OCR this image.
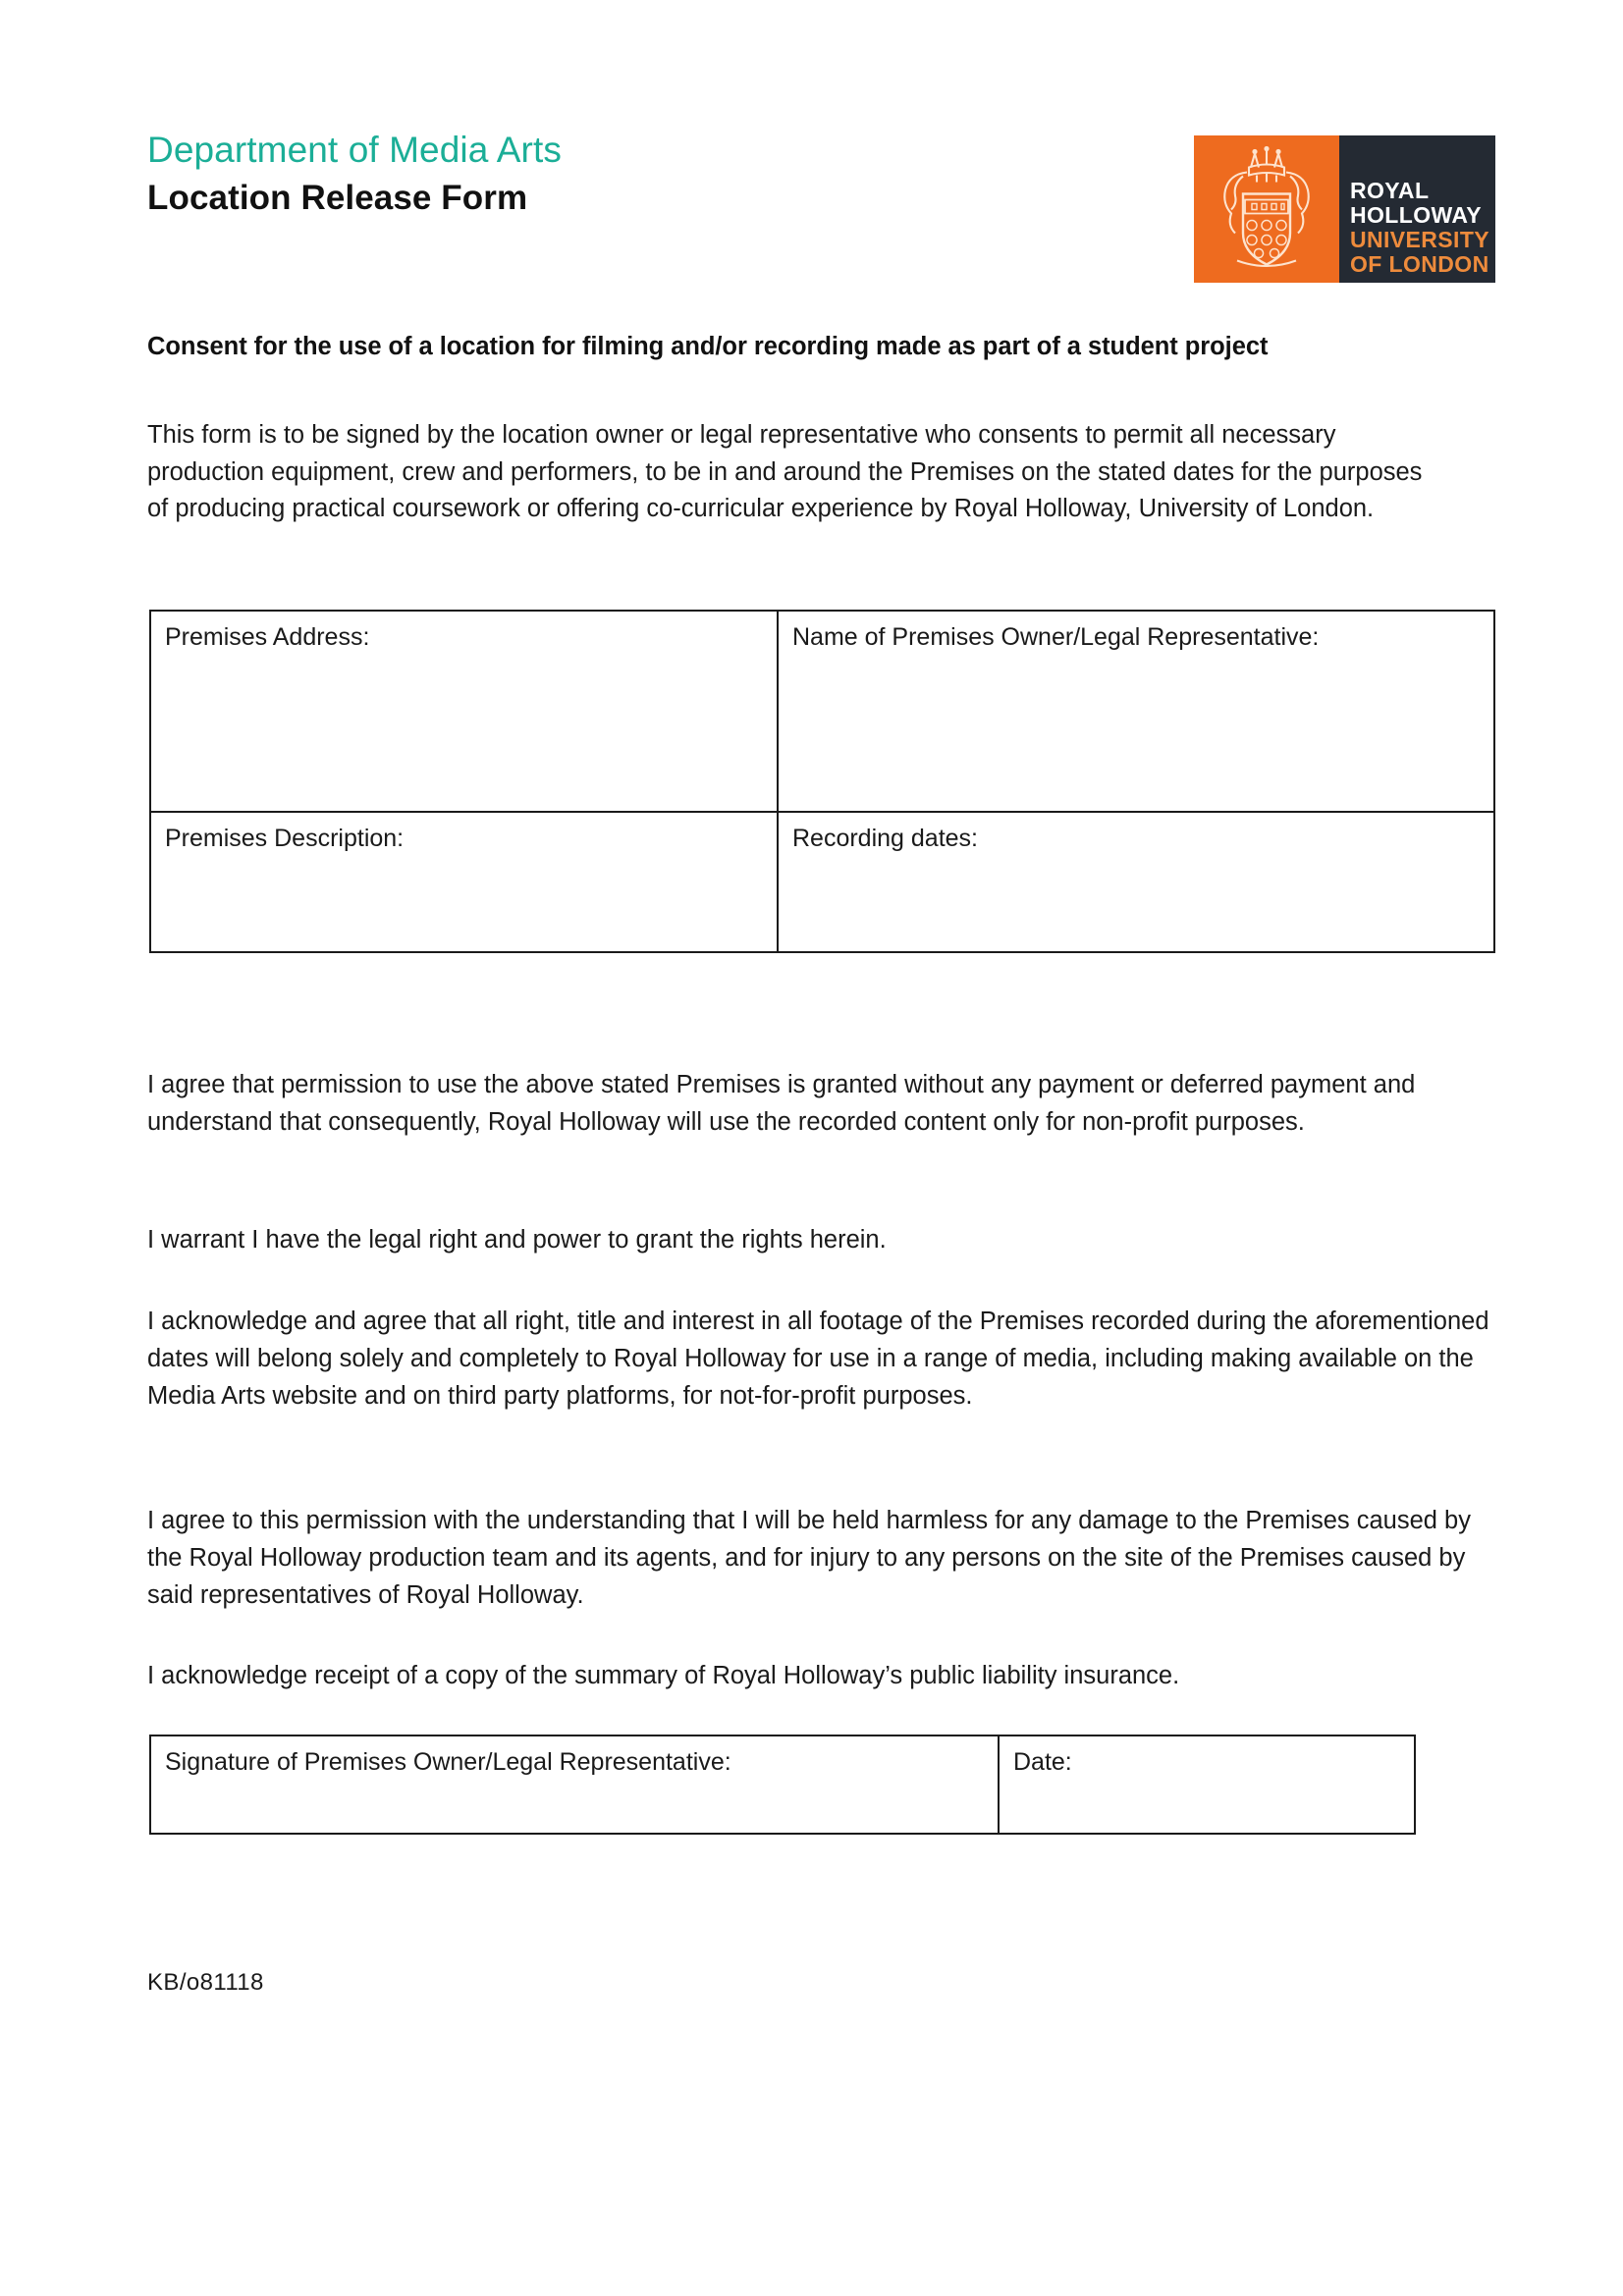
Department of Media Arts
Location Release Form	ROYAL
HOLLOWAY
UNIVERSITY
OF LONDON
Consent for the use of a location for filming and/or recording made as part of a student project
This form is to be signed by the location owner or legal representative who consents to permit all necessary production equipment, crew and performers, to be in and around the Premises on the stated dates for the purposes of producing practical coursework or offering co-curricular experience by Royal Holloway, University of London.
Premises Address:	Name of Premises Owner/Legal Representative:
Premises Description:	Recording dates:
I agree that permission to use the above stated Premises is granted without any payment or deferred payment and understand that consequently, Royal Holloway will use the recorded content only for non-profit purposes.
I warrant I have the legal right and power to grant the rights herein.
I acknowledge and agree that all right, title and interest in all footage of the Premises recorded during the aforementioned dates will belong solely and completely to Royal Holloway for use in a range of media, including making available on the Media Arts website and on third party platforms, for not-for-profit purposes.
I agree to this permission with the understanding that I will be held harmless for any damage to the Premises caused by the Royal Holloway production team and its agents, and for injury to any persons on the site of the Premises caused by said representatives of Royal Holloway.
I acknowledge receipt of a copy of the summary of Royal Holloway’s public liability insurance.
Signature of Premises Owner/Legal Representative:	Date:
KB/o81118
